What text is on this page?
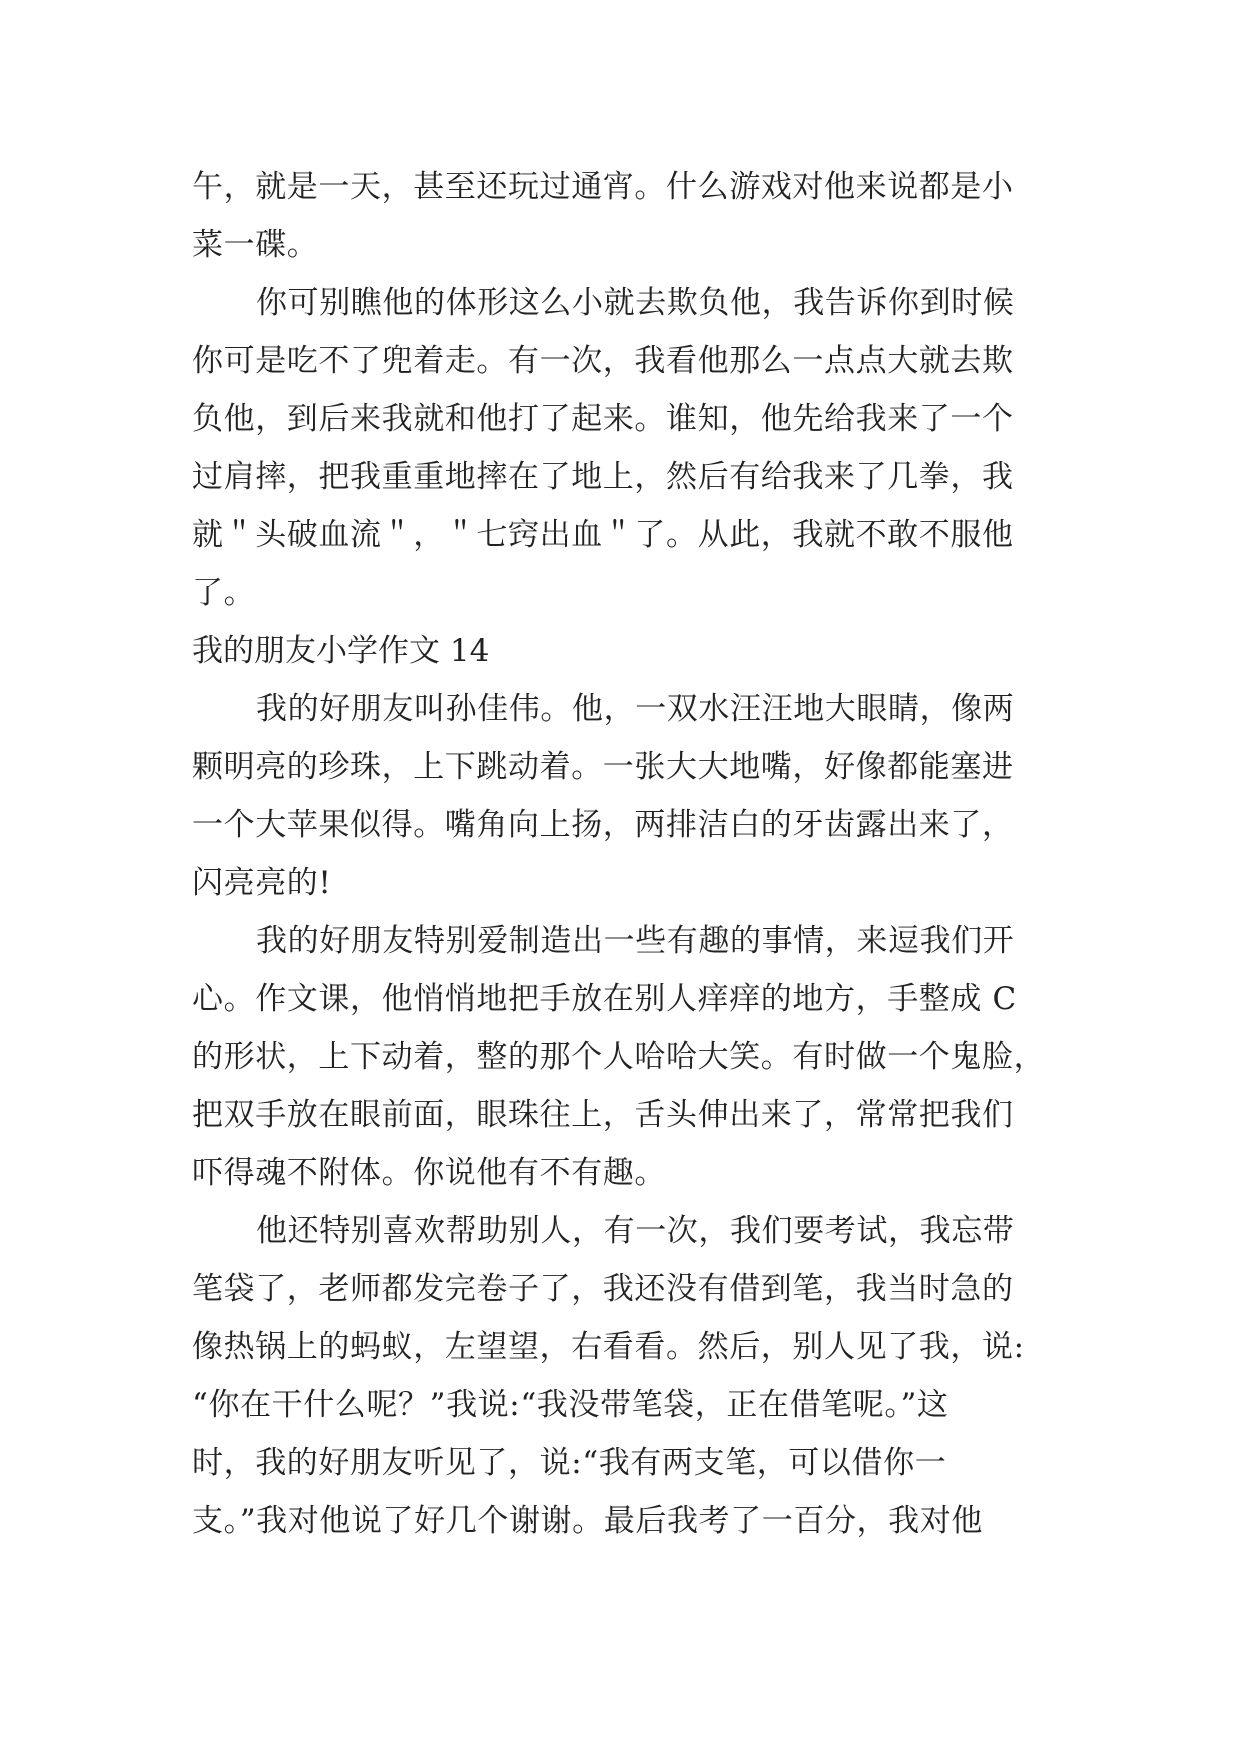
午，就是一天，甚至还玩过通宵。什么游戏对他来说都是小
菜一碟。
你可别瞧他的体形这么小就去欺负他，我告诉你到时候
你可是吃不了兜着走。有一次，我看他那么一点点大就去欺
负他，到后来我就和他打了起来。谁知，他先给我来了一个
过肩摔，把我重重地摔在了地上，然后有给我来了几拳，我
就＂头破血流＂，＂七窍出血＂了。从此，我就不敢不服他
了。
我的朋友小学作文 14
我的好朋友叫孙佳伟。他，一双水汪汪地大眼睛，像两
颗明亮的珍珠，上下跳动着。一张大大地嘴，好像都能塞进
一个大苹果似得。嘴角向上扬，两排洁白的牙齿露出来了，
闪亮亮的!
我的好朋友特别爱制造出一些有趣的事情，来逗我们开
心。作文课，他悄悄地把手放在别人痒痒的地方，手整成 C
的形状，上下动着，整的那个人哈哈大笑。有时做一个鬼脸，
把双手放在眼前面，眼珠往上，舌头伸出来了，常常把我们
吓得魂不附体。你说他有不有趣。
他还特别喜欢帮助别人，有一次，我们要考试，我忘带
笔袋了，老师都发完卷子了，我还没有借到笔，我当时急的
像热锅上的蚂蚁，左望望，右看看。然后，别人见了我，说:
“你在干什么呢？”我说:“我没带笔袋，正在借笔呢。”这
时，我的好朋友听见了，说:“我有两支笔，可以借你一
支。”我对他说了好几个谢谢。最后我考了一百分，我对他
